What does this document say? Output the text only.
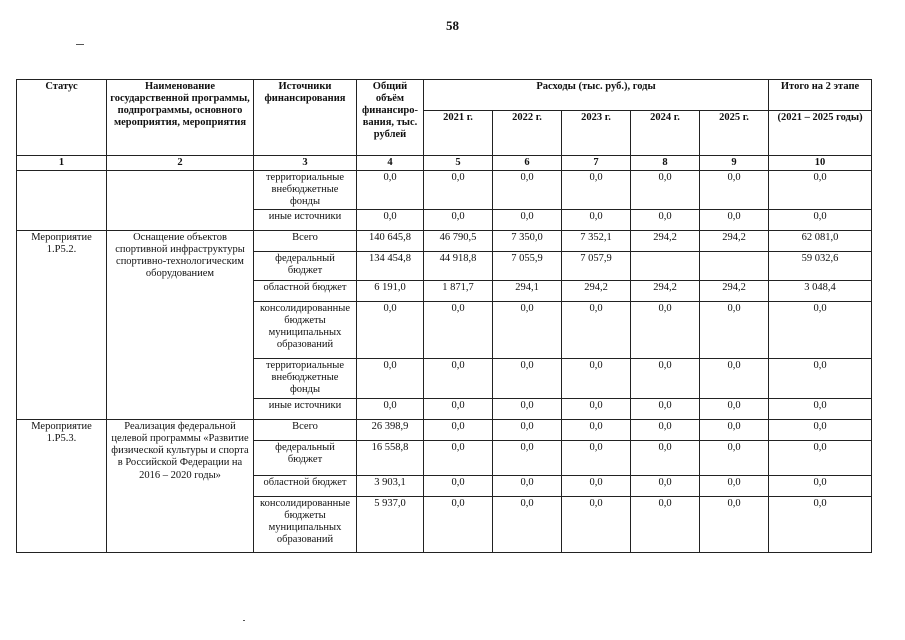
58
Статус	Наименование государственной программы, подпрограммы, основного мероприятия, мероприятия	Источники финансирования	Общий объём финансиро-вания, тыс. рублей	Расходы (тыс. руб.), годы					Итого на 2 этапе
				2021 г.	2022 г.	2023 г.	2024 г.	2025 г.	(2021 – 2025 годы)
1	2	3	4	5	6	7	8	9	10
		территориальные внебюджетные фонды	0,0	0,0	0,0	0,0	0,0	0,0	0,0
		иные источники	0,0	0,0	0,0	0,0	0,0	0,0	0,0
Мероприятие 1.Р5.2.	Оснащение объектов спортивной инфраструктуры спортивно-технологическим оборудованием	Всего	140 645,8	46 790,5	7 350,0	7 352,1	294,2	294,2	62 081,0
		федеральный бюджет	134 454,8	44 918,8	7 055,9	7 057,9			59 032,6
		областной бюджет	6 191,0	1 871,7	294,1	294,2	294,2	294,2	3 048,4
		консолидированные бюджеты муниципальных образований	0,0	0,0	0,0	0,0	0,0	0,0	0,0
		территориальные внебюджетные фонды	0,0	0,0	0,0	0,0	0,0	0,0	0,0
		иные источники	0,0	0,0	0,0	0,0	0,0	0,0	0,0
Мероприятие 1.Р5.3.	Реализация федеральной целевой программы «Развитие физической культуры и спорта в Российской Федерации на 2016 – 2020 годы»	Всего	26 398,9	0,0	0,0	0,0	0,0	0,0	0,0
		федеральный бюджет	16 558,8	0,0	0,0	0,0	0,0	0,0	0,0
		областной бюджет	3 903,1	0,0	0,0	0,0	0,0	0,0	0,0
		консолидированные бюджеты муниципальных образований	5 937,0	0,0	0,0	0,0	0,0	0,0	0,0
